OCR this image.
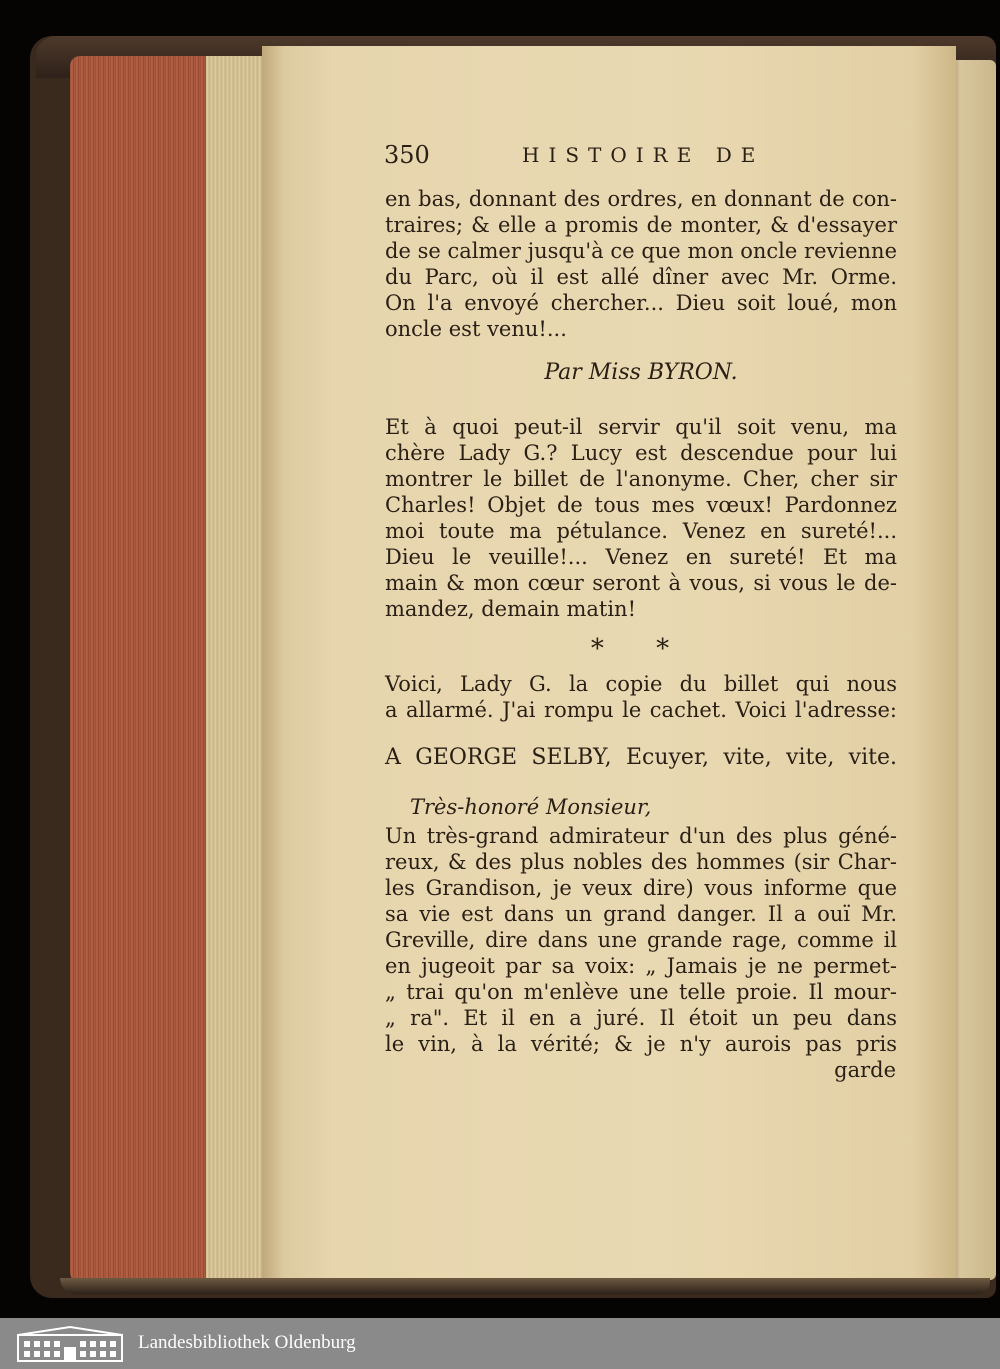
350	HISTOIRE DE
en bas, donnant des ordres, en donnant de con-
traires; & elle a promis de monter, & d'essayer
de se calmer jusqu'à ce que mon oncle revienne
du Parc, où il est allé dîner avec Mr. Orme.
On l'a envoyé chercher... Dieu soit loué, mon
oncle est venu!...
Par Miss BYRON.
Et à quoi peut-il servir qu'il soit venu, ma
chère Lady G.? Lucy est descendue pour lui
montrer le billet de l'anonyme. Cher, cher sir
Charles! Objet de tous mes vœux! Pardonnez
moi toute ma pétulance. Venez en sureté!...
Dieu le veuille!... Venez en sureté! Et ma
main & mon cœur seront à vous, si vous le de-
mandez, demain matin!
* *
Voici, Lady G. la copie du billet qui nous
a allarmé. J'ai rompu le cachet. Voici l'adresse:
A GEORGE SELBY, Ecuyer, vite, vite, vite.
Très-honoré Monsieur,
Un très-grand admirateur d'un des plus géné-
reux, & des plus nobles des hommes (sir Char-
les Grandison, je veux dire) vous informe que
sa vie est dans un grand danger. Il a ouï Mr.
Greville, dire dans une grande rage, comme il
en jugeoit par sa voix: „ Jamais je ne permet-
„ trai qu'on m'enlève une telle proie. Il mour-
„ ra". Et il en a juré. Il étoit un peu dans
le vin, à la vérité; & je n'y aurois pas pris
garde
Landesbibliothek Oldenburg
